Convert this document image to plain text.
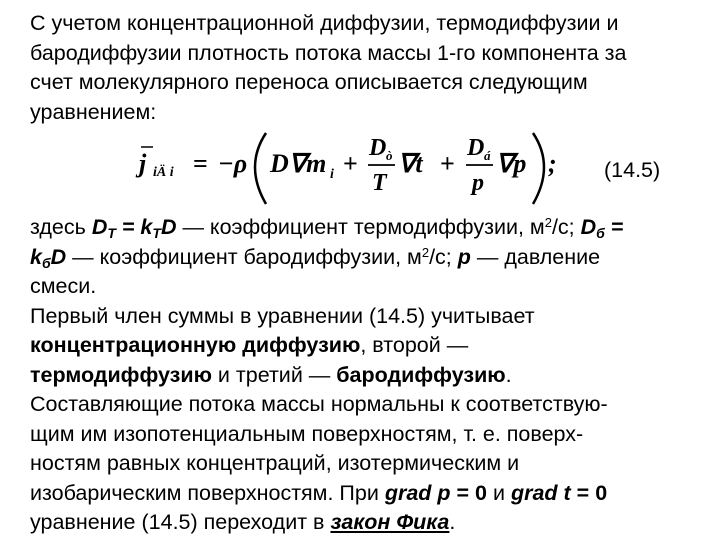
С учетом концентрационной диффузии, термодиффузии и
бародиффузии плотность потока массы 1-го компонента за
счет молекулярного переноса описывается следующим
уравнением:
j iÄ i = −ρ D∇m i +
D ò
T
∇t +
D á
p
∇p ; (14.5)
здесь $D_T = k_TD$ — коэффициент термодиффузии, $м^2/с$; $D_б$ =
$k_бD$ — коэффициент бародиффузии, $м^2/с$; p — давление
смеси.
Первый член суммы в уравнении (14.5) учитывает
концентрационную диффузию, второй —
термодиффузию и третий — бародиффузию.
Составляющие потока массы нормальны к соответствую-
щим им изопотенциальным поверхностям, т. е. поверх-
ностям равных концентраций, изотермическим и
изобарическим поверхностям. При grad p = 0 и grad t = 0
уравнение (14.5) переходит в закон Фика.
